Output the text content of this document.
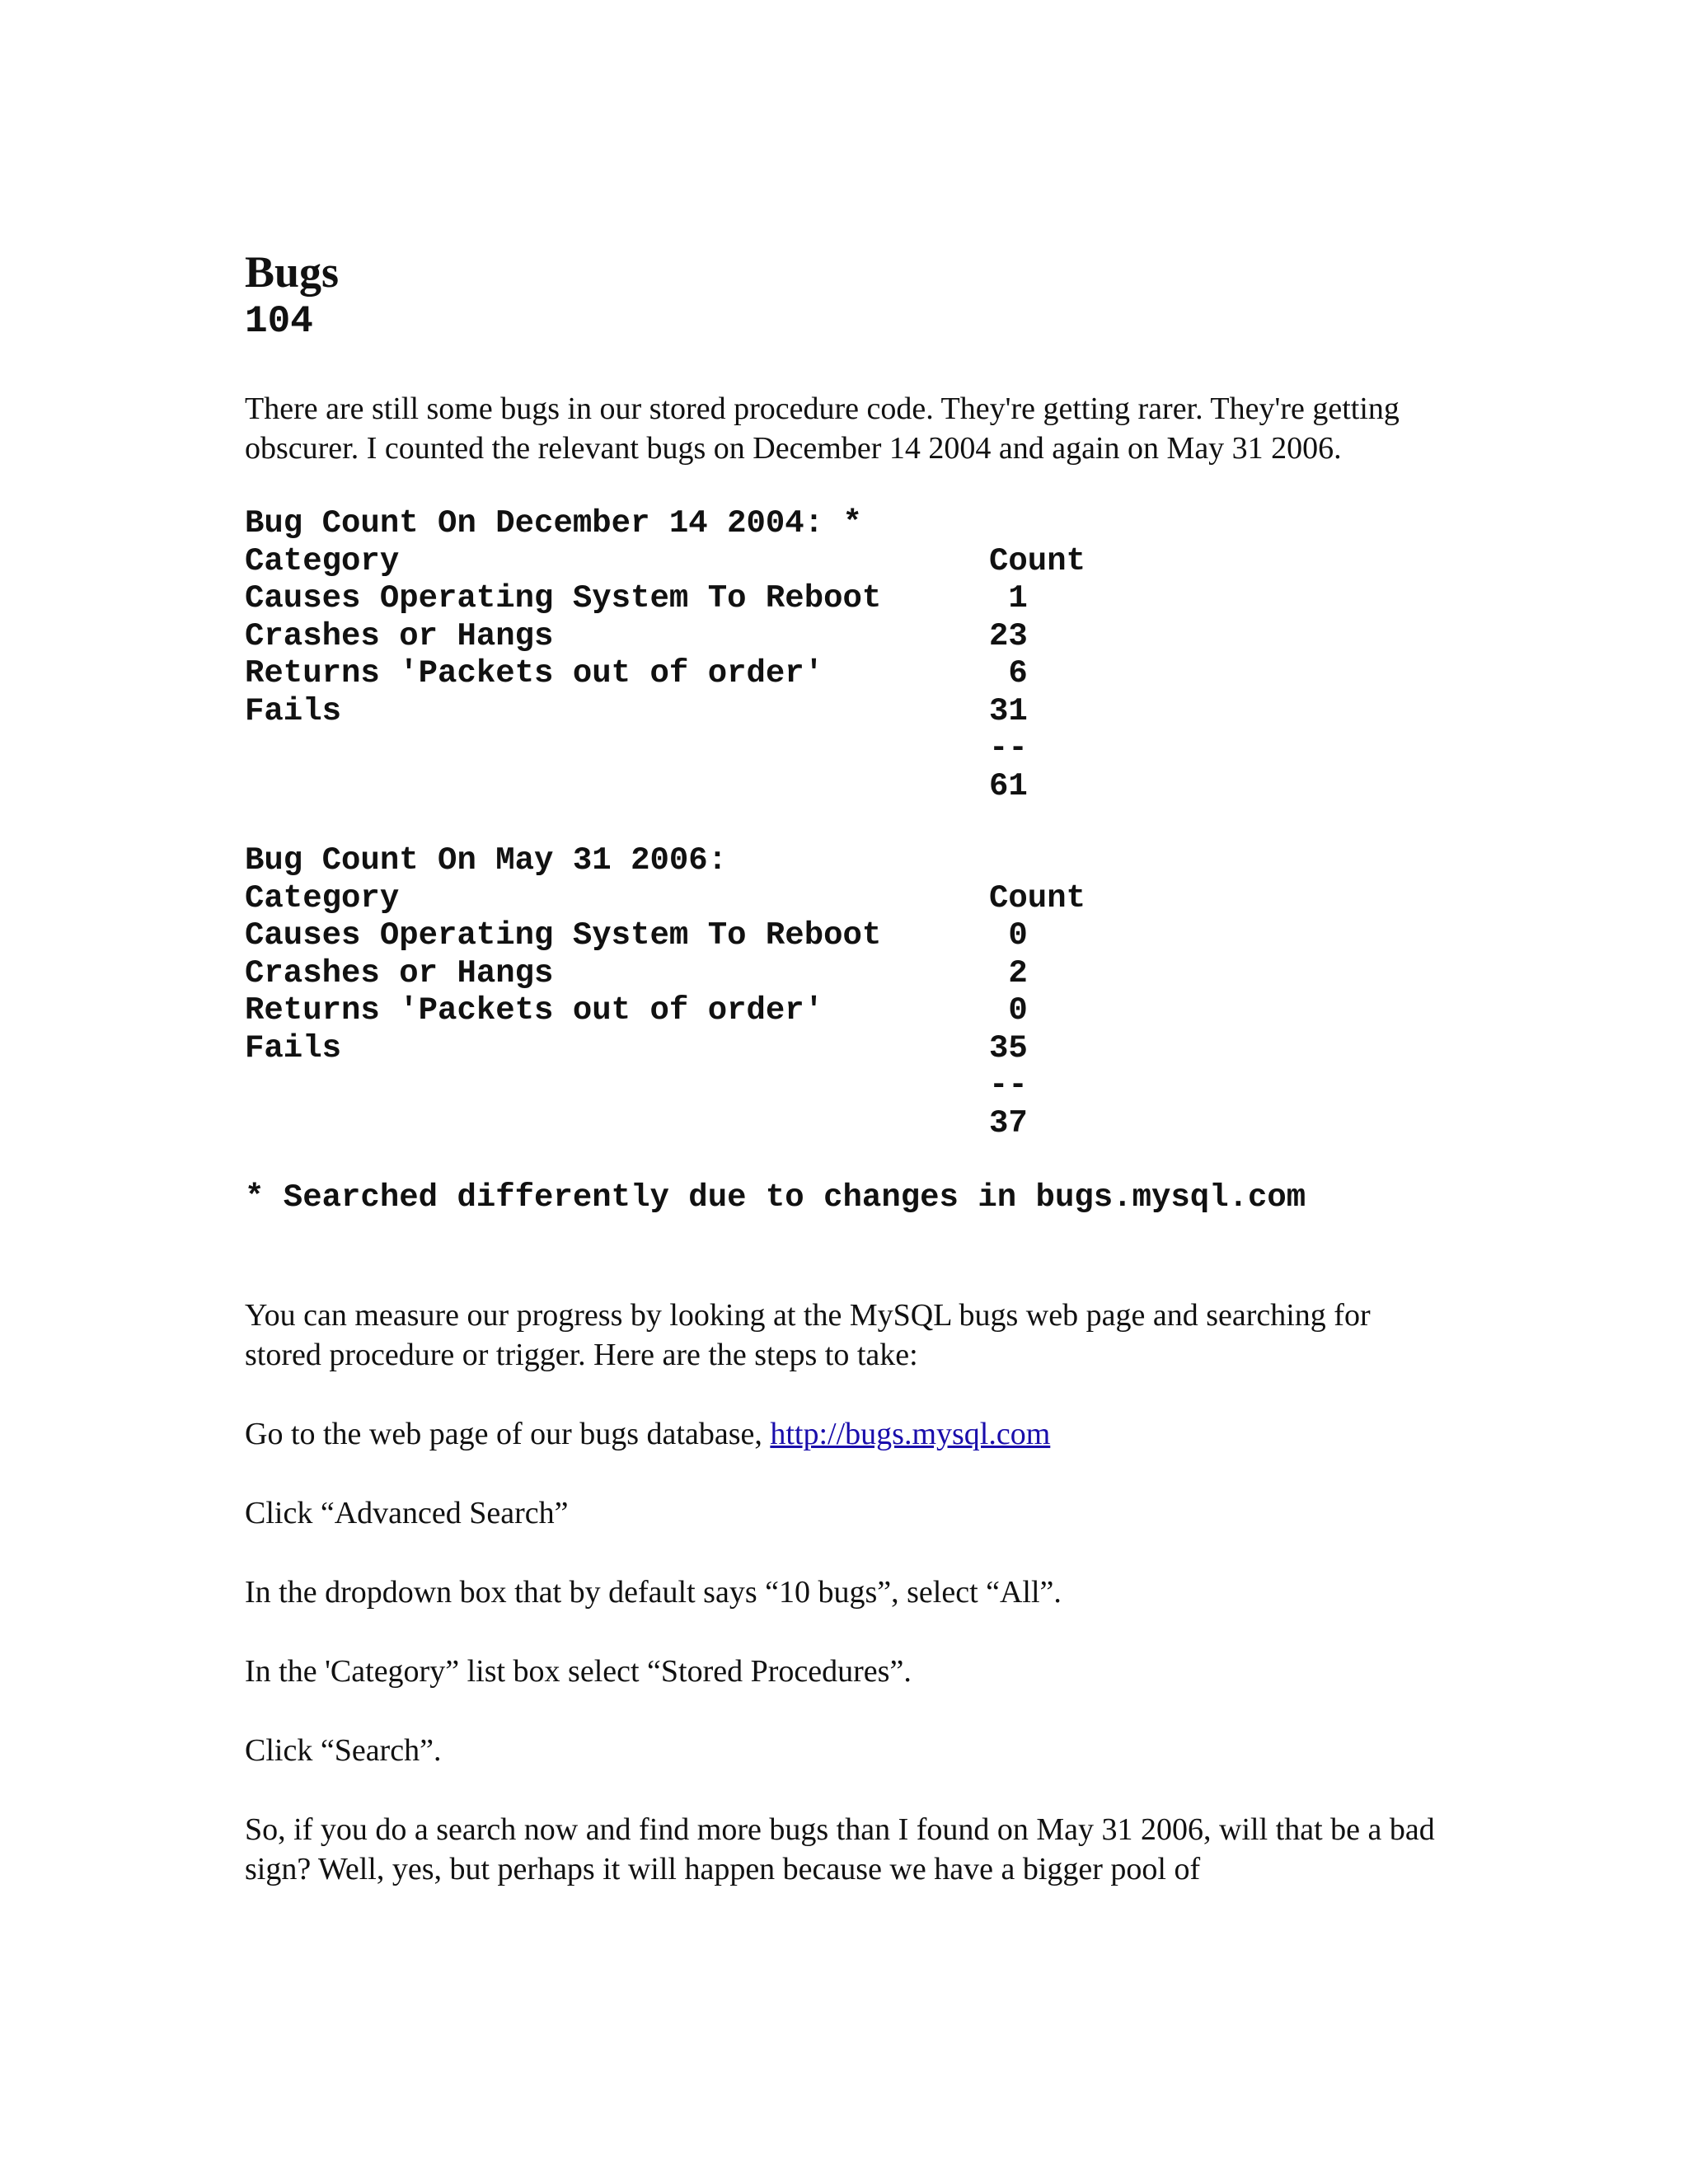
Bugs
104

There are still some bugs in our stored procedure code. They're getting rarer. They're getting obscurer. I counted the relevant bugs on December 14 2004 and again on May 31 2006.

Bug Count On December 14 2004: *
Category	Count
Causes Operating System To Reboot	1
Crashes or Hangs	23
Returns 'Packets out of order'	6
Fails	31
--
61
Bug Count On May 31 2006:
Category	Count
Causes Operating System To Reboot	0
Crashes or Hangs	2
Returns 'Packets out of order'	0
Fails	35
--
37
* Searched differently due to changes in bugs.mysql.com

You can measure our progress by looking at the MySQL bugs web page and searching for stored procedure or trigger. Here are the steps to take:

Go to the web page of our bugs database, http://bugs.mysql.com

Click “Advanced Search”

In the dropdown box that by default says “10 bugs”, select “All”.

In the 'Category” list box select “Stored Procedures”.

Click “Search”.

So, if you do a search now and find more bugs than I found on May 31 2006, will that be a bad sign? Well, yes, but perhaps it will happen because we have a bigger pool of
